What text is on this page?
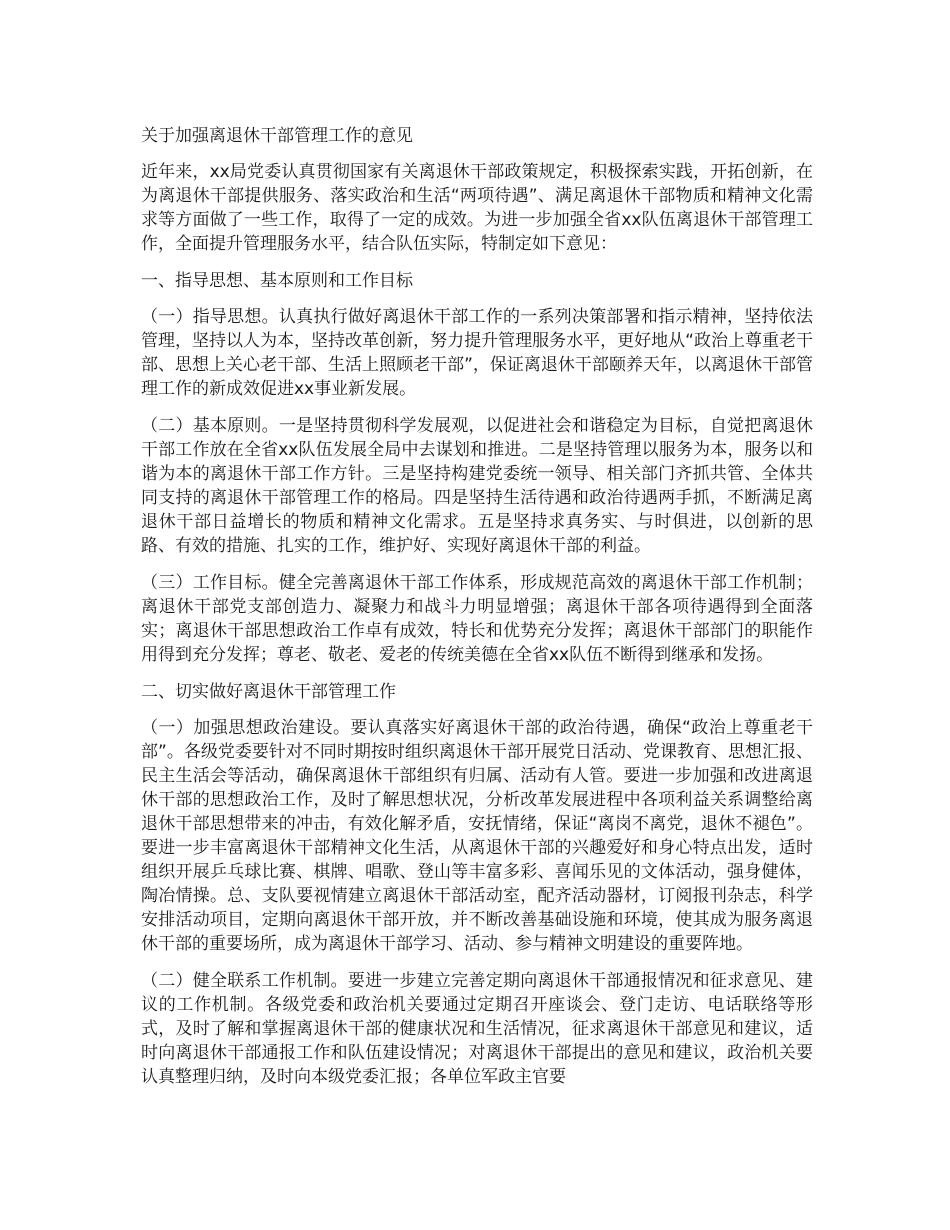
关于加强离退休干部管理工作的意见

近年来，xx局党委认真贯彻国家有关离退休干部政策规定，积极探索实践，开拓创新，在为离退休干部提供服务、落实政治和生活“两项待遇”、满足离退休干部物质和精神文化需求等方面做了一些工作，取得了一定的成效。为进一步加强全省xx队伍离退休干部管理工作，全面提升管理服务水平，结合队伍实际，特制定如下意见：

一、指导思想、基本原则和工作目标

（一）指导思想。认真执行做好离退休干部工作的一系列决策部署和指示精神，坚持依法管理，坚持以人为本，坚持改革创新，努力提升管理服务水平，更好地从“政治上尊重老干部、思想上关心老干部、生活上照顾老干部”，保证离退休干部颐养天年，以离退休干部管理工作的新成效促进xx事业新发展。

（二）基本原则。一是坚持贯彻科学发展观，以促进社会和谐稳定为目标，自觉把离退休干部工作放在全省xx队伍发展全局中去谋划和推进。二是坚持管理以服务为本，服务以和谐为本的离退休干部工作方针。三是坚持构建党委统一领导、相关部门齐抓共管、全体共同支持的离退休干部管理工作的格局。四是坚持生活待遇和政治待遇两手抓，不断满足离退休干部日益增长的物质和精神文化需求。五是坚持求真务实、与时俱进，以创新的思路、有效的措施、扎实的工作，维护好、实现好离退休干部的利益。

（三）工作目标。健全完善离退休干部工作体系，形成规范高效的离退休干部工作机制；离退休干部党支部创造力、凝聚力和战斗力明显增强；离退休干部各项待遇得到全面落实；离退休干部思想政治工作卓有成效，特长和优势充分发挥；离退休干部部门的职能作用得到充分发挥；尊老、敬老、爱老的传统美德在全省xx队伍不断得到继承和发扬。

二、切实做好离退休干部管理工作

（一）加强思想政治建设。要认真落实好离退休干部的政治待遇，确保“政治上尊重老干部”。各级党委要针对不同时期按时组织离退休干部开展党日活动、党课教育、思想汇报、民主生活会等活动，确保离退休干部组织有归属、活动有人管。要进一步加强和改进离退休干部的思想政治工作，及时了解思想状况，分析改革发展进程中各项利益关系调整给离退休干部思想带来的冲击，有效化解矛盾，安抚情绪，保证“离岗不离党，退休不褪色”。要进一步丰富离退休干部精神文化生活，从离退休干部的兴趣爱好和身心特点出发，适时组织开展乒乓球比赛、棋牌、唱歌、登山等丰富多彩、喜闻乐见的文体活动，强身健体，陶冶情操。总、支队要视情建立离退休干部活动室，配齐活动器材，订阅报刊杂志，科学安排活动项目，定期向离退休干部开放，并不断改善基础设施和环境，使其成为服务离退休干部的重要场所，成为离退休干部学习、活动、参与精神文明建设的重要阵地。

（二）健全联系工作机制。要进一步建立完善定期向离退休干部通报情况和征求意见、建议的工作机制。各级党委和政治机关要通过定期召开座谈会、登门走访、电话联络等形式，及时了解和掌握离退休干部的健康状况和生活情况，征求离退休干部意见和建议，适时向离退休干部通报工作和队伍建设情况；对离退休干部提出的意见和建议，政治机关要认真整理归纳，及时向本级党委汇报；各单位军政主官要
